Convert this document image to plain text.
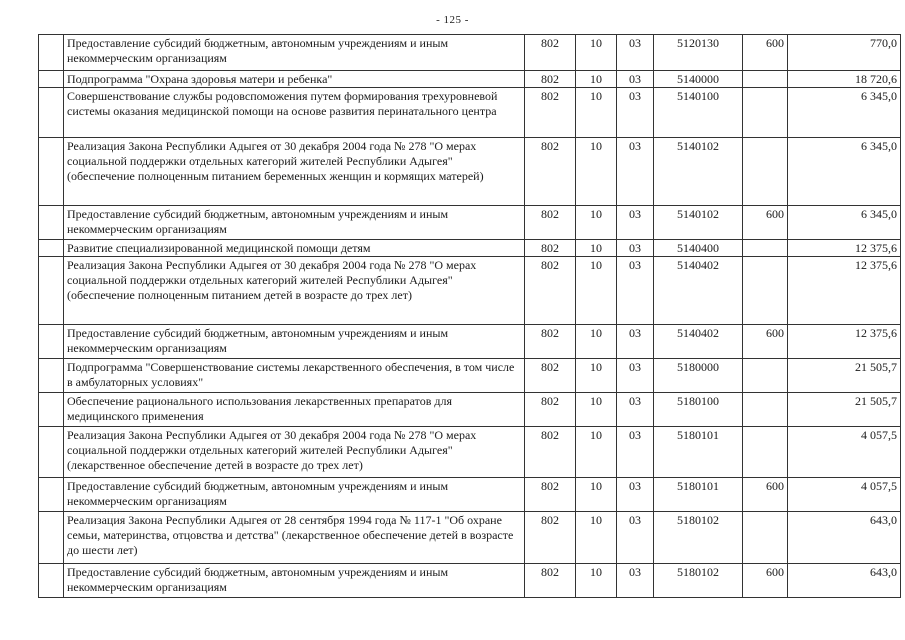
- 125 -
	Предоставление субсидий бюджетным, автономным учреждениям и иным некоммерческим организациям	802	10	03	5120130	600	770,0
	Подпрограмма "Охрана здоровья матери и ребенка"	802	10	03	5140000		18 720,6
	Совершенствование службы родовспоможения путем формирования трехуровневой системы оказания медицинской помощи на основе развития перинатального центра	802	10	03	5140100		6 345,0
	Реализация Закона Республики Адыгея от 30 декабря 2004 года № 278 "О мерах социальной поддержки отдельных категорий жителей Республики Адыгея" (обеспечение полноценным питанием беременных женщин и кормящих матерей)	802	10	03	5140102		6 345,0
	Предоставление субсидий бюджетным, автономным учреждениям и иным некоммерческим организациям	802	10	03	5140102	600	6 345,0
	Развитие специализированной медицинской помощи детям	802	10	03	5140400		12 375,6
	Реализация Закона Республики Адыгея от 30 декабря 2004 года № 278 "О мерах социальной поддержки отдельных категорий жителей Республики Адыгея" (обеспечение полноценным питанием детей в возрасте до трех лет)	802	10	03	5140402		12 375,6
	Предоставление субсидий бюджетным, автономным учреждениям и иным некоммерческим организациям	802	10	03	5140402	600	12 375,6
	Подпрограмма "Совершенствование системы лекарственного обеспечения, в том числе в амбулаторных условиях"	802	10	03	5180000		21 505,7
	Обеспечение рационального использования лекарственных препаратов для медицинского применения	802	10	03	5180100		21 505,7
	Реализация Закона Республики Адыгея от 30 декабря 2004 года № 278 "О мерах социальной поддержки отдельных категорий жителей Республики Адыгея" (лекарственное обеспечение детей в возрасте до трех лет)	802	10	03	5180101		4 057,5
	Предоставление субсидий бюджетным, автономным учреждениям и иным некоммерческим организациям	802	10	03	5180101	600	4 057,5
	Реализация Закона Республики Адыгея от 28 сентября 1994 года № 117-1 "Об охране семьи, материнства, отцовства и детства" (лекарственное обеспечение детей в возрасте до шести лет)	802	10	03	5180102		643,0
	Предоставление субсидий бюджетным, автономным учреждениям и иным некоммерческим организациям	802	10	03	5180102	600	643,0
